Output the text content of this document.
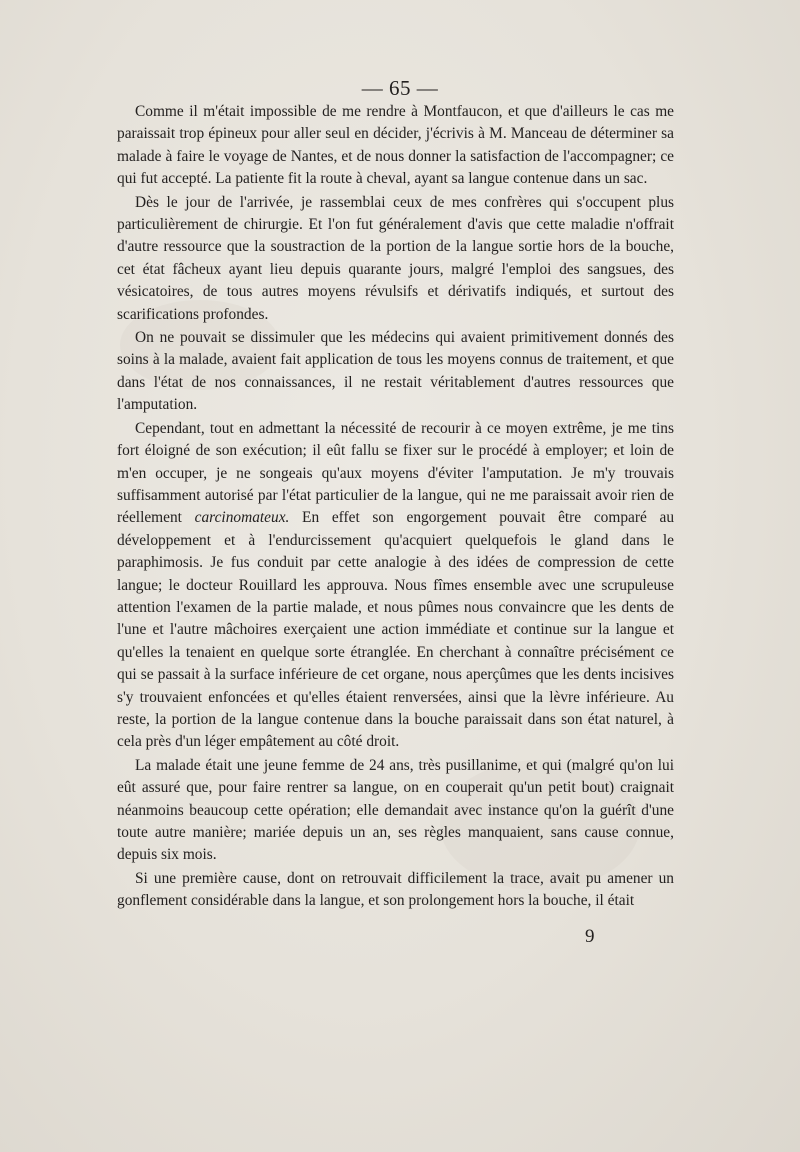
— 65 —

Comme il m'était impossible de me rendre à Montfaucon, et que d'ailleurs le cas me paraissait trop épineux pour aller seul en décider, j'écrivis à M. Manceau de déterminer sa malade à faire le voyage de Nantes, et de nous donner la satisfaction de l'accompagner; ce qui fut accepté. La patiente fit la route à cheval, ayant sa langue contenue dans un sac.

Dès le jour de l'arrivée, je rassemblai ceux de mes confrères qui s'occupent plus particulièrement de chirurgie. Et l'on fut généralement d'avis que cette maladie n'offrait d'autre ressource que la soustraction de la portion de la langue sortie hors de la bouche, cet état fâcheux ayant lieu depuis quarante jours, malgré l'emploi des sangsues, des vésicatoires, de tous autres moyens révulsifs et dérivatifs indiqués, et surtout des scarifications profondes.

On ne pouvait se dissimuler que les médecins qui avaient primitivement donnés des soins à la malade, avaient fait application de tous les moyens connus de traitement, et que dans l'état de nos connaissances, il ne restait véritablement d'autres ressources que l'amputation.

Cependant, tout en admettant la nécessité de recourir à ce moyen extrême, je me tins fort éloigné de son exécution; il eût fallu se fixer sur le procédé à employer; et loin de m'en occuper, je ne songeais qu'aux moyens d'éviter l'amputation. Je m'y trouvais suffisamment autorisé par l'état particulier de la langue, qui ne me paraissait avoir rien de réellement carcinomateux. En effet son engorgement pouvait être comparé au développement et à l'endurcissement qu'acquiert quelquefois le gland dans le paraphimosis. Je fus conduit par cette analogie à des idées de compression de cette langue; le docteur Rouillard les approuva. Nous fîmes ensemble avec une scrupuleuse attention l'examen de la partie malade, et nous pûmes nous convaincre que les dents de l'une et l'autre mâchoires exerçaient une action immédiate et continue sur la langue et qu'elles la tenaient en quelque sorte étranglée. En cherchant à connaître précisément ce qui se passait à la surface inférieure de cet organe, nous aperçûmes que les dents incisives s'y trouvaient enfoncées et qu'elles étaient renversées, ainsi que la lèvre inférieure. Au reste, la portion de la langue contenue dans la bouche paraissait dans son état naturel, à cela près d'un léger empâtement au côté droit.

La malade était une jeune femme de 24 ans, très pusillanime, et qui (malgré qu'on lui eût assuré que, pour faire rentrer sa langue, on en couperait qu'un petit bout) craignait néanmoins beaucoup cette opération; elle demandait avec instance qu'on la guérît d'une toute autre manière; mariée depuis un an, ses règles manquaient, sans cause connue, depuis six mois.

Si une première cause, dont on retrouvait difficilement la trace, avait pu amener un gonflement considérable dans la langue, et son prolongement hors la bouche, il était

9
